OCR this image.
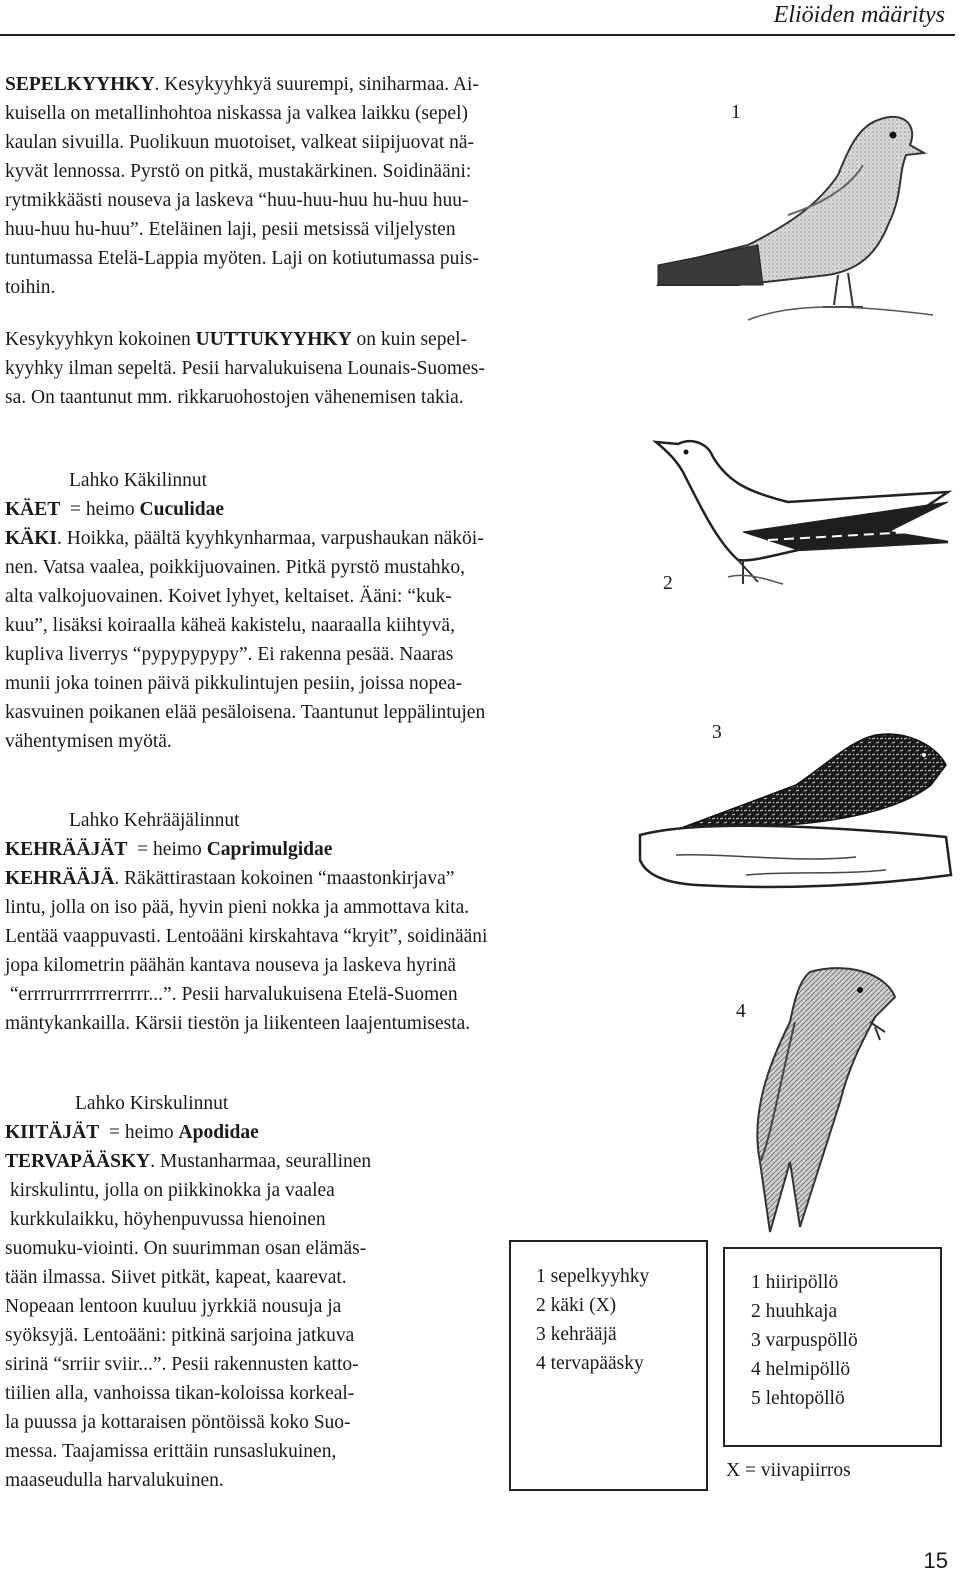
Eliöiden määritys

SEPELKYYHKY. Kesykyyhkyä suurempi, siniharmaa. Ai-

kuisella on metallinhohtoa niskassa ja valkea laikku (sepel)

kaulan sivuilla. Puolikuun muotoiset, valkeat siipijuovat nä-

kyvät lennossa. Pyrstö on pitkä, mustakärkinen. Soidinääni:

rytmikkäästi nouseva ja laskeva “huu-huu-huu hu-huu huu-

huu-huu hu-huu”. Eteläinen laji, pesii metsissä viljelysten

tuntumassa Etelä-Lappia myöten. Laji on kotiutumassa puis-

toihin.

Kesykyyhkyn kokoinen UUTTUKYYHKY on kuin sepel-

kyyhky ilman sepeltä. Pesii harvalukuisena Lounais-Suomes-

sa. On taantunut mm. rikkaruohostojen vähenemisen takia.

Lahko Käkilinnut

KÄET  = heimo Cuculidae

KÄKI. Hoikka, päältä kyyhkynharmaa, varpushaukan näköi-

nen. Vatsa vaalea, poikkijuovainen. Pitkä pyrstö mustahko,

alta valkojuovainen. Koivet lyhyet, keltaiset. Ääni: “kuk-

kuu”, lisäksi koiraalla käheä kakistelu, naaraalla kiihtyvä,

kupliva liverrys “pypypypypy”. Ei rakenna pesää. Naaras

munii joka toinen päivä pikkulintujen pesiin, joissa nopea-

kasvuinen poikanen elää pesäloisena. Taantunut leppälintujen

vähentymisen myötä.

Lahko Kehrääjälinnut

KEHRÄÄJÄT  = heimo Caprimulgidae

KEHRÄÄJÄ. Räkättirastaan kokoinen “maastonkirjava”

lintu, jolla on iso pää, hyvin pieni nokka ja ammottava kita.

Lentää vaappuvasti. Lentoääni kirskahtava “kryit”, soidinääni

jopa kilometrin päähän kantava nouseva ja laskeva hyrinä

“errrrurrrrrrrerrrrr...”. Pesii harvalukuisena Etelä-Suomen

mäntykankailla. Kärsii tiestön ja liikenteen laajentumisesta.

Lahko Kirskulinnut

KIITÄJÄT  = heimo Apodidae

TERVAPÄÄSKY. Mustanharmaa, seurallinen

kirskulintu, jolla on piikkinokka ja vaalea

kurkkulaikku, höyhenpuvussa hienoinen

suomuku-viointi. On suurimman osan elämäs-

tään ilmassa. Siivet pitkät, kapeat, kaarevat.

Nopeaan lentoon kuuluu jyrkkiä nousuja ja

syöksyjä. Lentoääni: pitkinä sarjoina jatkuva

sirinä “srriir sviir...”. Pesii rakennusten katto-

tiilien alla, vanhoissa tikan-koloissa korkeal-

la puussa ja kottaraisen pöntöissä koko Suo-

messa. Taajamissa erittäin runsaslukuinen,

maaseudulla harvalukuinen.

1
2
3
4

1 sepelkyyhky

2 käki (X)

3 kehrääjä

4 tervapääsky

1 hiiripöllö

2 huuhkaja

3 varpuspöllö

4 helmipöllö

5 lehtopöllö

X = viivapiirros
15
